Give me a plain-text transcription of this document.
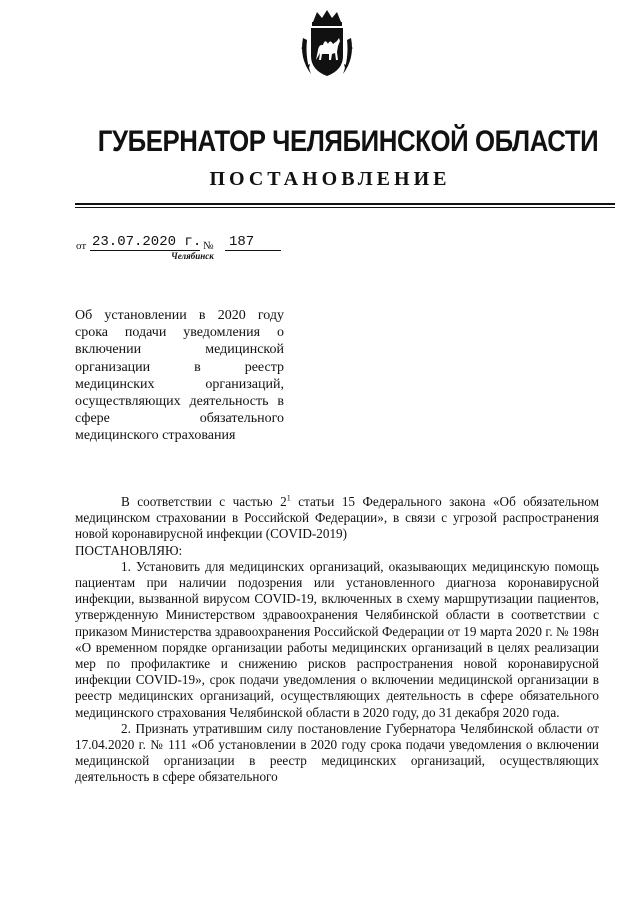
ГУБЕРНАТОР ЧЕЛЯБИНСКОЙ ОБЛАСТИ
ПОСТАНОВЛЕНИЕ
от 23.07.2020 г. № 187
Челябинск
Об установлении в 2020 году срока подачи уведомления о включении медицинской организации в реестр медицинских организаций, осуществляющих деятельность в сфере обязательного медицинского страхования

В соответствии с частью $2^1$ статьи 15 Федерального закона «Об обязательном медицинском страховании в Российской Федерации», в связи с угрозой распространения новой коронавирусной инфекции (COVID-2019)

ПОСТАНОВЛЯЮ:

1. Установить для медицинских организаций, оказывающих медицинскую помощь пациентам при наличии подозрения или установленного диагноза коронавирусной инфекции, вызванной вирусом COVID-19, включенных в схему маршрутизации пациентов, утвержденную Министерством здравоохранения Челябинской области в соответствии с приказом Министерства здравоохранения Российской Федерации от 19 марта 2020 г. № 198н «О временном порядке организации работы медицинских организаций в целях реализации мер по профилактике и снижению рисков распространения новой коронавирусной инфекции COVID-19», срок подачи уведомления о включении медицинской организации в реестр медицинских организаций, осуществляющих деятельность в сфере обязательного медицинского страхования Челябинской области в 2020 году, до 31 декабря 2020 года.

2. Признать утратившим силу постановление Губернатора Челябинской области от 17.04.2020 г. № 111 «Об установлении в 2020 году срока подачи уведомления о включении медицинской организации в реестр медицинских организаций, осуществляющих деятельность в сфере обязательного
